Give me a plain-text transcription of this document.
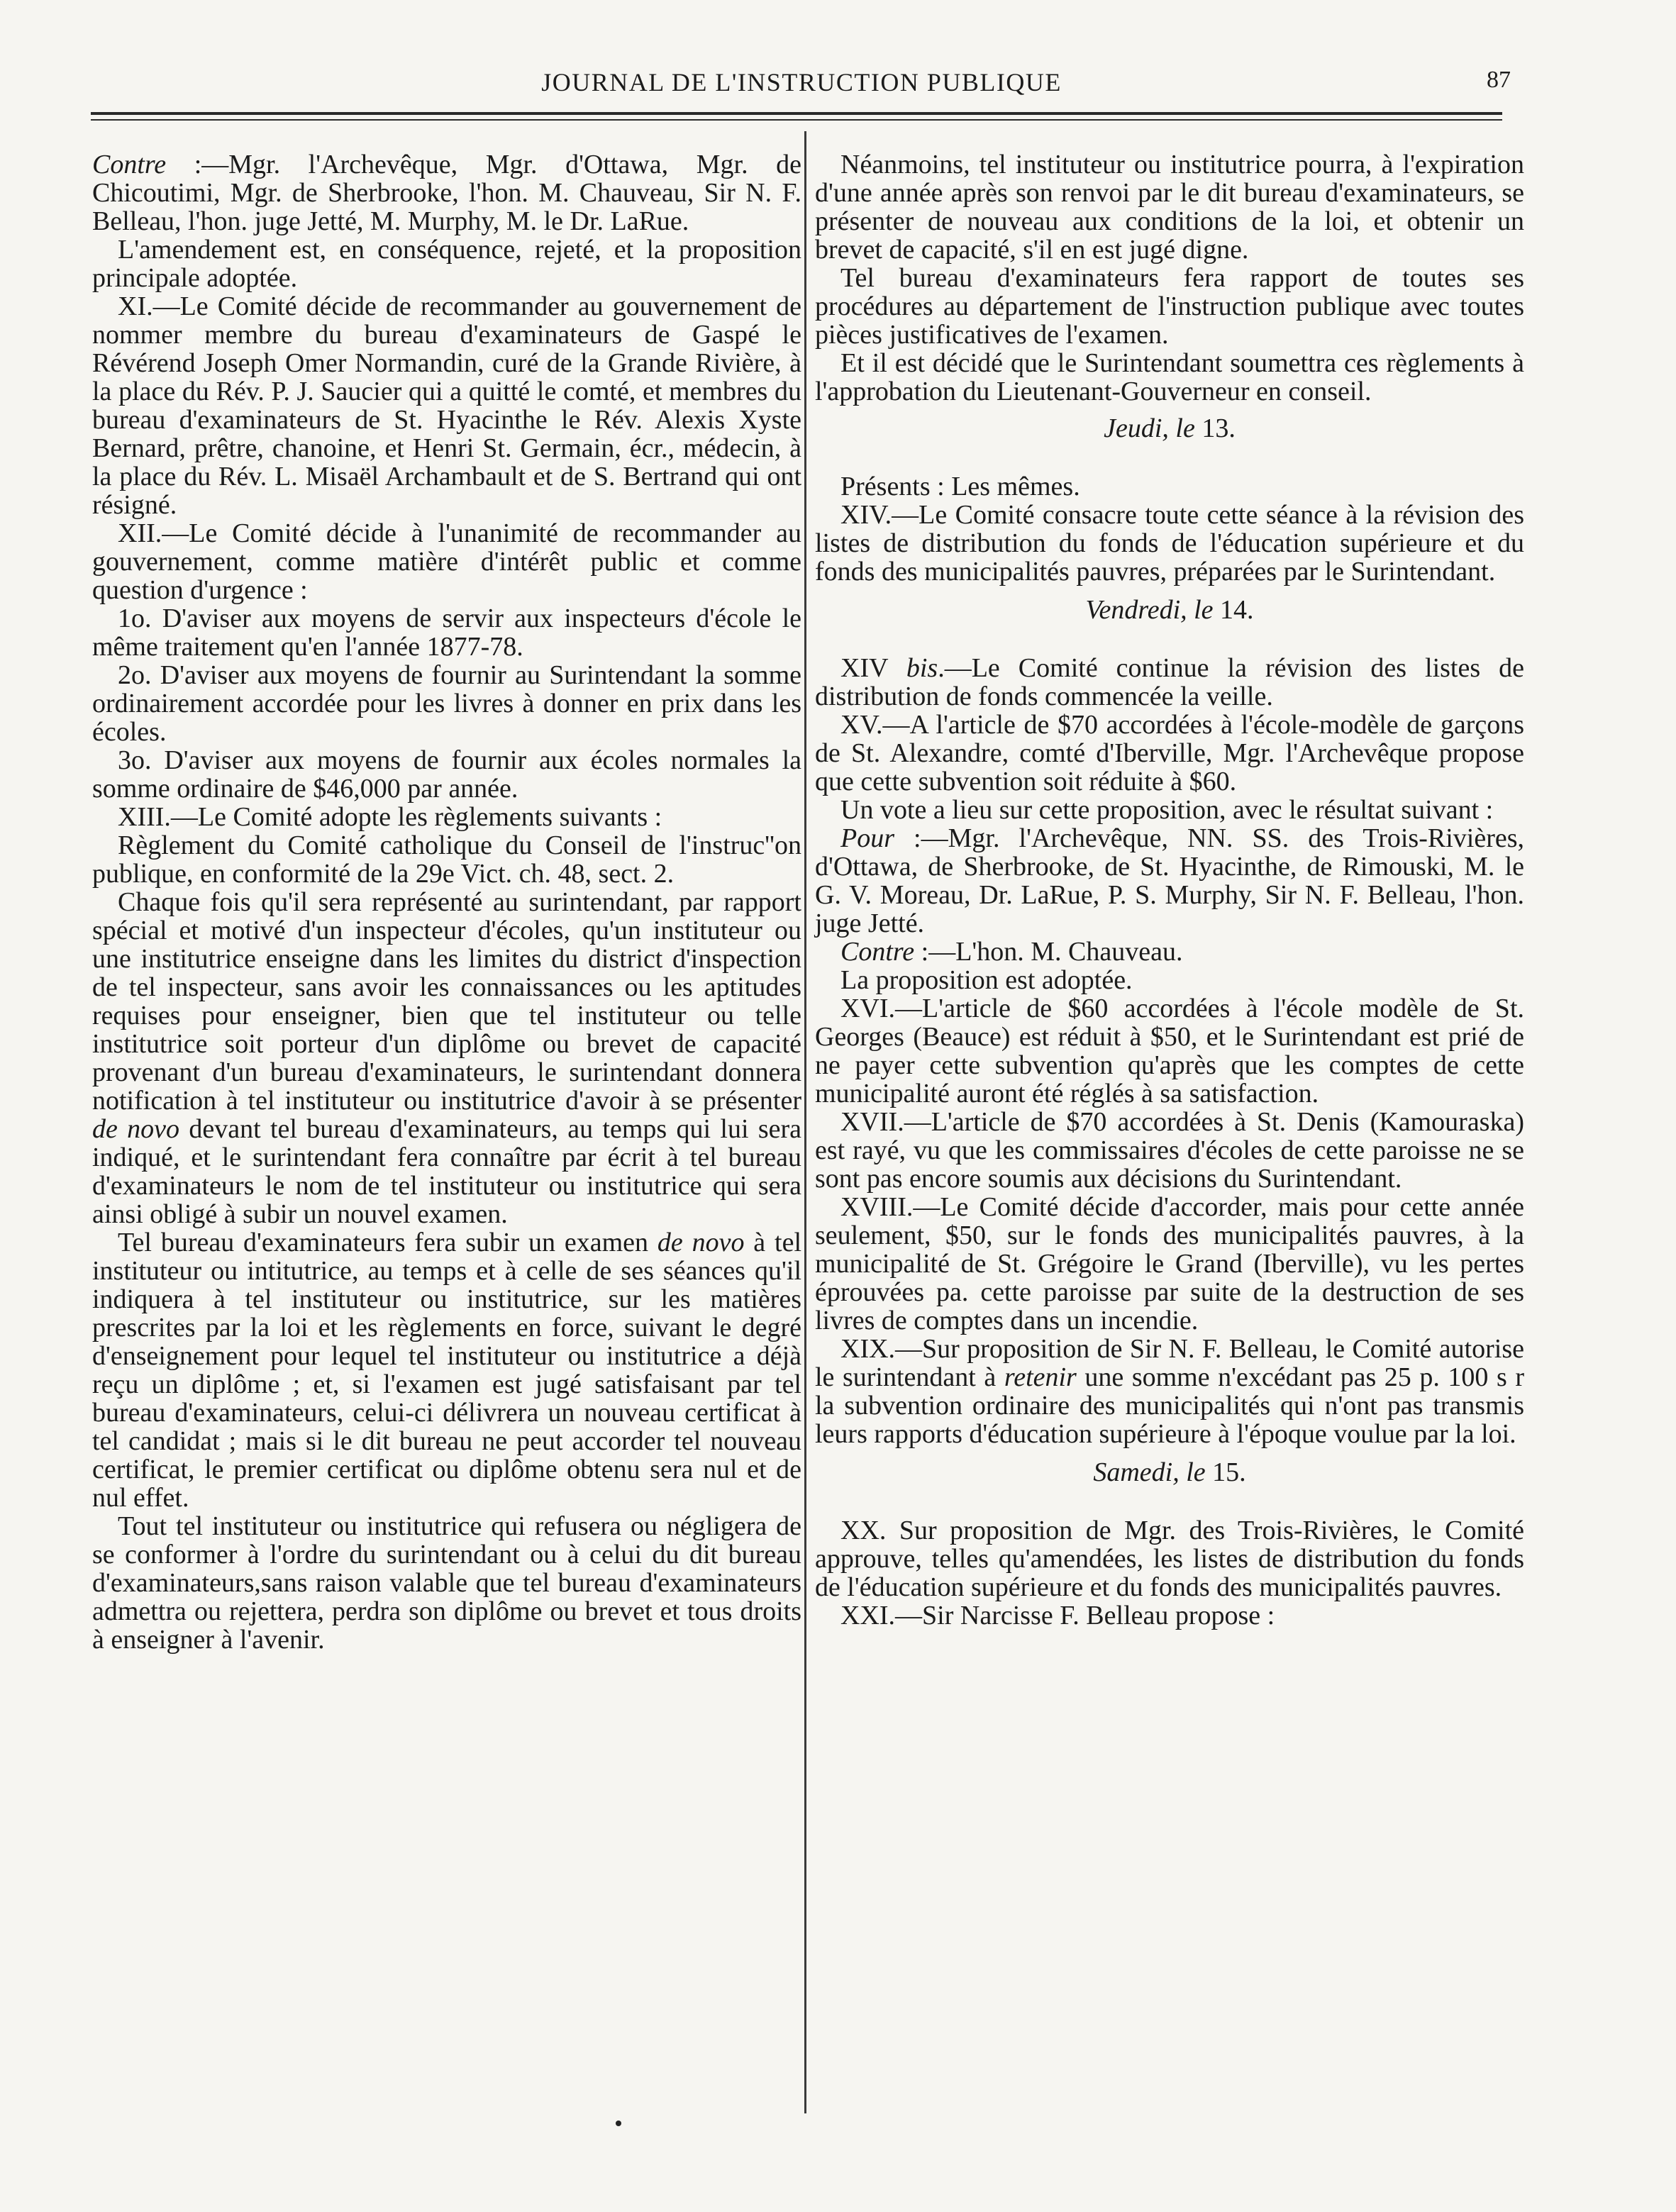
JOURNAL DE L'INSTRUCTION PUBLIQUE	87

Contre :—Mgr. l'Archevêque, Mgr. d'Ottawa, Mgr. de Chicoutimi, Mgr. de Sherbrooke, l'hon. M. Chauveau, Sir N. F. Belleau, l'hon. juge Jetté, M. Murphy, M. le Dr. LaRue.

L'amendement est, en conséquence, rejeté, et la proposition principale adoptée.

XI.—Le Comité décide de recommander au gouvernement de nommer membre du bureau d'examinateurs de Gaspé le Révérend Joseph Omer Normandin, curé de la Grande Rivière, à la place du Rév. P. J. Saucier qui a quitté le comté, et membres du bureau d'examinateurs de St. Hyacinthe le Rév. Alexis Xyste Bernard, prêtre, chanoine, et Henri St. Germain, écr., médecin, à la place du Rév. L. Misaël Archambault et de S. Bertrand qui ont résigné.

XII.—Le Comité décide à l'unanimité de recommander au gouvernement, comme matière d'intérêt public et comme question d'urgence :

1o. D'aviser aux moyens de servir aux inspecteurs d'école le même traitement qu'en l'année 1877-78.

2o. D'aviser aux moyens de fournir au Surintendant la somme ordinairement accordée pour les livres à donner en prix dans les écoles.

3o. D'aviser aux moyens de fournir aux écoles normales la somme ordinaire de $46,000 par année.

XIII.—Le Comité adopte les règlements suivants :

Règlement du Comité catholique du Conseil de l'instruc''on publique, en conformité de la 29e Vict. ch. 48, sect. 2.

Chaque fois qu'il sera représenté au surintendant, par rapport spécial et motivé d'un inspecteur d'écoles, qu'un instituteur ou une institutrice enseigne dans les limites du district d'inspection de tel inspecteur, sans avoir les connaissances ou les aptitudes requises pour enseigner, bien que tel instituteur ou telle institutrice soit porteur d'un diplôme ou brevet de capacité provenant d'un bureau d'examinateurs, le surintendant donnera notification à tel instituteur ou institutrice d'avoir à se présenter de novo devant tel bureau d'examinateurs, au temps qui lui sera indiqué, et le surintendant fera connaître par écrit à tel bureau d'examinateurs le nom de tel instituteur ou institutrice qui sera ainsi obligé à subir un nouvel examen.

Tel bureau d'examinateurs fera subir un examen de novo à tel instituteur ou intitutrice, au temps et à celle de ses séances qu'il indiquera à tel instituteur ou institutrice, sur les matières prescrites par la loi et les règlements en force, suivant le degré d'enseignement pour lequel tel instituteur ou institutrice a déjà reçu un diplôme ; et, si l'examen est jugé satisfaisant par tel bureau d'examinateurs, celui-ci délivrera un nouveau certificat à tel candidat ; mais si le dit bureau ne peut accorder tel nouveau certificat, le premier certificat ou diplôme obtenu sera nul et de nul effet.

Tout tel instituteur ou institutrice qui refusera ou négligera de se conformer à l'ordre du surintendant ou à celui du dit bureau d'examinateurs,sans raison valable que tel bureau d'examinateurs admettra ou rejettera, perdra son diplôme ou brevet et tous droits à enseigner à l'avenir.

Néanmoins, tel instituteur ou institutrice pourra, à l'expiration d'une année après son renvoi par le dit bureau d'examinateurs, se présenter de nouveau aux conditions de la loi, et obtenir un brevet de capacité, s'il en est jugé digne.

Tel bureau d'examinateurs fera rapport de toutes ses procédures au département de l'instruction publique avec toutes pièces justificatives de l'examen.

Et il est décidé que le Surintendant soumettra ces règlements à l'approbation du Lieutenant-Gouverneur en conseil.

Jeudi, le 13.

Présents : Les mêmes.

XIV.—Le Comité consacre toute cette séance à la révision des listes de distribution du fonds de l'éducation supérieure et du fonds des municipalités pauvres, préparées par le Surintendant.

Vendredi, le 14.

XIV bis.—Le Comité continue la révision des listes de distribution de fonds commencée la veille.

XV.—A l'article de $70 accordées à l'école-modèle de garçons de St. Alexandre, comté d'Iberville, Mgr. l'Archevêque propose que cette subvention soit réduite à $60.

Un vote a lieu sur cette proposition, avec le résultat suivant :

Pour :—Mgr. l'Archevêque, NN. SS. des Trois-Rivières, d'Ottawa, de Sherbrooke, de St. Hyacinthe, de Rimouski, M. le G. V. Moreau, Dr. LaRue, P. S. Murphy, Sir N. F. Belleau, l'hon. juge Jetté.

Contre :—L'hon. M. Chauveau.

La proposition est adoptée.

XVI.—L'article de $60 accordées à l'école modèle de St. Georges (Beauce) est réduit à $50, et le Surintendant est prié de ne payer cette subvention qu'après que les comptes de cette municipalité auront été réglés à sa satisfaction.

XVII.—L'article de $70 accordées à St. Denis (Kamouraska) est rayé, vu que les commissaires d'écoles de cette paroisse ne se sont pas encore soumis aux décisions du Surintendant.

XVIII.—Le Comité décide d'accorder, mais pour cette année seulement, $50, sur le fonds des municipalités pauvres, à la municipalité de St. Grégoire le Grand (Iberville), vu les pertes éprouvées pa. cette paroisse par suite de la destruction de ses livres de comptes dans un incendie.

XIX.—Sur proposition de Sir N. F. Belleau, le Comité autorise le surintendant à retenir une somme n'excédant pas 25 p. 100 s r la subvention ordinaire des municipalités qui n'ont pas transmis leurs rapports d'éducation supérieure à l'époque voulue par la loi.

Samedi, le 15.

XX. Sur proposition de Mgr. des Trois-Rivières, le Comité approuve, telles qu'amendées, les listes de distribution du fonds de l'éducation supérieure et du fonds des municipalités pauvres.

XXI.—Sir Narcisse F. Belleau propose :
